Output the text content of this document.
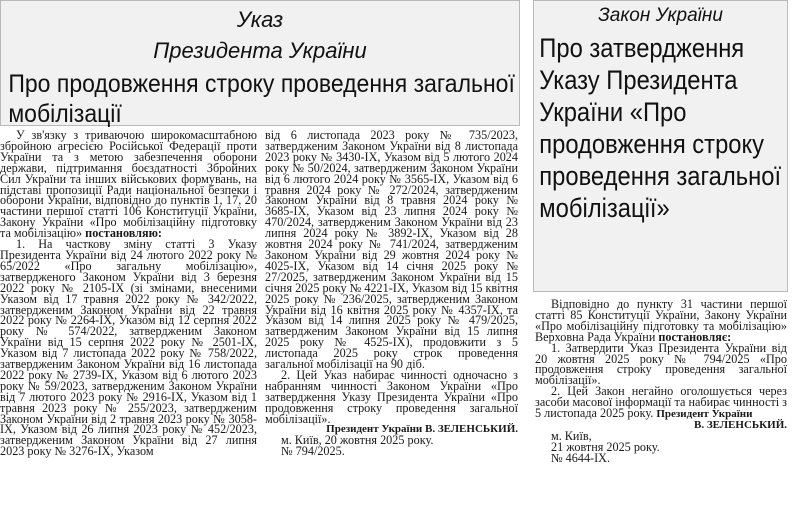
Указ
Президента України
Про продовження строку проведення загальної мобілізації
Закон України
Про затвердження Указу Президента України «Про продовження строку проведення загальної мобілізації»

У зв'язку з триваючою широкомасштабною збройною агресією Російської Федерації проти України та з метою забезпечення оборони держави, підтримання боєздатності Збройних Сил України та інших військових формувань, на підставі пропозиції Ради національної безпеки і оборони України, відповідно до пунктів 1, 17, 20 частини першої статті 106 Конституції України, Закону України «Про мобілізаційну підготовку та мобілізацію» постановляю:

1. На часткову зміну статті 3 Указу Президента України від 24 лютого 2022 року № 65/2022 «Про загальну мобілізацію», затвердженого Законом України від 3 березня 2022 року № 2105-IX (зі змінами, внесеними Указом від 17 травня 2022 року № 342/2022, затвердженим Законом України від 22 травня 2022 року № 2264-IX, Указом від 12 серпня 2022 року № 574/2022, затвердженим Законом України від 15 серпня 2022 року № 2501-IX, Указом від 7 листопада 2022 року № 758/2022, затвердженим Законом України від 16 листопада 2022 року № 2739-IX, Указом від 6 лютого 2023 року № 59/2023, затвердженим Законом України від 7 лютого 2023 року № 2916-IX, Указом від 1 травня 2023 року № 255/2023, затвердженим Законом України від 2 травня 2023 року № 3058-IX, Указом від 26 липня 2023 року № 452/2023, затвердженим Законом України від 27 липня 2023 року № 3276-IX, Указом

від 6 листопада 2023 року № 735/2023, затвердженим Законом України від 8 листопада 2023 року № 3430-IX, Указом від 5 лютого 2024 року № 50/2024, затвердженим Законом України від 6 лютого 2024 року № 3565-IX, Указом від 6 травня 2024 року № 272/2024, затвердженим Законом України від 8 травня 2024 року № 3685-IX, Указом від 23 липня 2024 року № 470/2024, затвердженим Законом України від 23 липня 2024 року № 3892-IX, Указом від 28 жовтня 2024 року № 741/2024, затвердженим Законом України від 29 жовтня 2024 року № 4025-IX, Указом від 14 січня 2025 року № 27/2025, затвердженим Законом України від 15 січня 2025 року № 4221-IX, Указом від 15 квітня 2025 року № 236/2025, затвердженим Законом України від 16 квітня 2025 року № 4357-IX, та Указом від 14 липня 2025 року № 479/2025, затвердженим Законом України від 15 липня 2025 року № 4525-IX), продовжити з 5 листопада 2025 року строк проведення загальної мобілізації на 90 діб.

2. Цей Указ набирає чинності одночасно з набранням чинності Законом України «Про затвердження Указу Президента України «Про продовження строку проведення загальної мобілізації».

Президент України В. ЗЕЛЕНСЬКИЙ.

м. Київ, 20 жовтня 2025 року.

№ 794/2025.

Відповідно до пункту 31 частини першої статті 85 Конституції України, Закону України «Про мобілізаційну підготовку та мобілізацію» Верховна Рада України постановляє:

1. Затвердити Указ Президента України від 20 жовтня 2025 року № 794/2025 «Про продовження строку проведення загальної мобілізації».

2. Цей Закон негайно оголошується через засоби масової інформації та набирає чинності з 5 листопада 2025 року. Президент України

В. ЗЕЛЕНСЬКИЙ.

м. Київ,

21 жовтня 2025 року.

№ 4644-IX.
